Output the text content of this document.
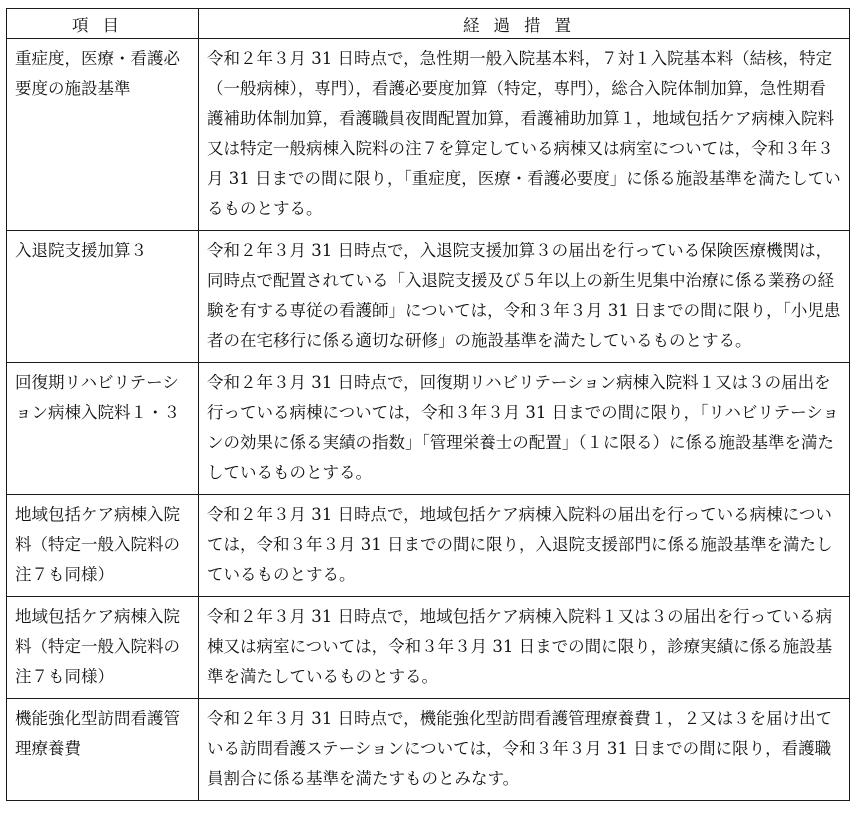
項目	経過措置
重症度，医療・看護必要度の施設基準	令和２年３月 31 日時点で，急性期一般入院基本料，７対１入院基本料（結核，特定（一般病棟），専門），看護必要度加算（特定，専門），総合入院体制加算，急性期看護補助体制加算，看護職員夜間配置加算，看護補助加算１，地域包括ケア病棟入院料又は特定一般病棟入院料の注７を算定している病棟又は病室については，令和３年３月 31 日までの間に限り，「重症度，医療・看護必要度」に係る施設基準を満たしているものとする。
入退院支援加算３	令和２年３月 31 日時点で，入退院支援加算３の届出を行っている保険医療機関は，同時点で配置されている「入退院支援及び５年以上の新生児集中治療に係る業務の経験を有する専従の看護師」については，令和３年３月 31 日までの間に限り，「小児患者の在宅移行に係る適切な研修」の施設基準を満たしているものとする。
回復期リハビリテーション病棟入院料１・３	令和２年３月 31 日時点で，回復期リハビリテーション病棟入院料１又は３の届出を行っている病棟については，令和３年３月 31 日までの間に限り，「リハビリテーションの効果に係る実績の指数」「管理栄養士の配置」（１に限る）に係る施設基準を満たしているものとする。
地域包括ケア病棟入院料（特定一般入院料の注７も同様）	令和２年３月 31 日時点で，地域包括ケア病棟入院料の届出を行っている病棟については，令和３年３月 31 日までの間に限り，入退院支援部門に係る施設基準を満たしているものとする。
地域包括ケア病棟入院料（特定一般入院料の注７も同様）	令和２年３月 31 日時点で，地域包括ケア病棟入院料１又は３の届出を行っている病棟又は病室については，令和３年３月 31 日までの間に限り，診療実績に係る施設基準を満たしているものとする。
機能強化型訪問看護管理療養費	令和２年３月 31 日時点で，機能強化型訪問看護管理療養費１，２又は３を届け出ている訪問看護ステーションについては，令和３年３月 31 日までの間に限り，看護職員割合に係る基準を満たすものとみなす。
